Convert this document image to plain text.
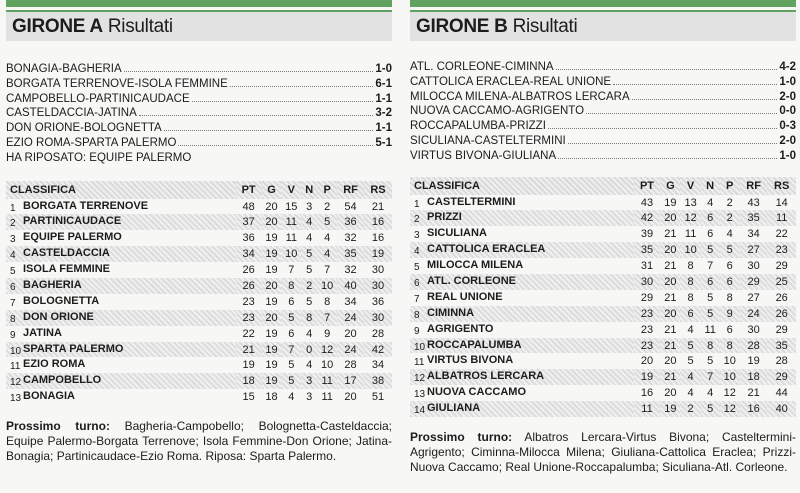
GIRONE A Risultati
BONAGIA-BAGHERIA	1-0
BORGATA TERRENOVE-ISOLA FEMMINE	6-1
CAMPOBELLO-PARTINICAUDACE	1-1
CASTELDACCIA-JATINA	3-2
DON ORIONE-BOLOGNETTA	1-1
EZIO ROMA-SPARTA PALERMO	5-1
HA RIPOSATO: EQUIPE PALERMO
CLASSIFICA	PT	G	V	N	P	RF	RS
1 BORGATA TERRENOVE	48	20	15	3	2	54	21
2 PARTINICAUDACE	37	20	11	4	5	36	16
3 EQUIPE PALERMO	36	19	11	4	4	32	16
4 CASTELDACCIA	34	19	10	5	4	35	19
5 ISOLA FEMMINE	26	19	7	5	7	32	30
6 BAGHERIA	26	20	8	2	10	40	30
7 BOLOGNETTA	23	19	6	5	8	34	36
8 DON ORIONE	23	20	5	8	7	24	30
9 JATINA	22	19	6	4	9	20	28
10 SPARTA PALERMO	21	19	7	0	12	24	42
11 EZIO ROMA	19	19	5	4	10	28	34
12 CAMPOBELLO	18	19	5	3	11	17	38
13 BONAGIA	15	18	4	3	11	20	51
Prossimo turno: Bagheria-Campobello; Bolognetta-Casteldaccia; Equipe Palermo-Borgata Terrenove; Isola Femmine-Don Orione; Jatina-Bonagia; Partinicaudace-Ezio Roma. Riposa: Sparta Palermo.
GIRONE B Risultati
ATL. CORLEONE-CIMINNA	4-2
CATTOLICA ERACLEA-REAL UNIONE	1-0
MILOCCA MILENA-ALBATROS LERCARA	2-0
NUOVA CACCAMO-AGRIGENTO	0-0
ROCCAPALUMBA-PRIZZI	0-3
SICULIANA-CASTELTERMINI	2-0
VIRTUS BIVONA-GIULIANA	1-0
CLASSIFICA	PT	G	V	N	P	RF	RS
1 CASTELTERMINI	43	19	13	4	2	43	14
2 PRIZZI	42	20	12	6	2	35	11
3 SICULIANA	39	21	11	6	4	34	22
4 CATTOLICA ERACLEA	35	20	10	5	5	27	23
5 MILOCCA MILENA	31	21	8	7	6	30	29
6 ATL. CORLEONE	30	20	8	6	6	29	25
7 REAL UNIONE	29	21	8	5	8	27	26
8 CIMINNA	23	20	6	5	9	24	26
9 AGRIGENTO	23	21	4	11	6	30	29
10 ROCCAPALUMBA	23	21	5	8	8	28	35
11 VIRTUS BIVONA	20	20	5	5	10	19	28
12 ALBATROS LERCARA	19	21	4	7	10	18	29
13 NUOVA CACCAMO	16	20	4	4	12	21	44
14 GIULIANA	11	19	2	5	12	16	40
Prossimo turno: Albatros Lercara-Virtus Bivona; Casteltermini-Agrigento; Ciminna-Milocca Milena; Giuliana-Cattolica Eraclea; Prizzi-Nuova Caccamo; Real Unione-Roccapalumba; Siculiana-Atl. Corleone.
